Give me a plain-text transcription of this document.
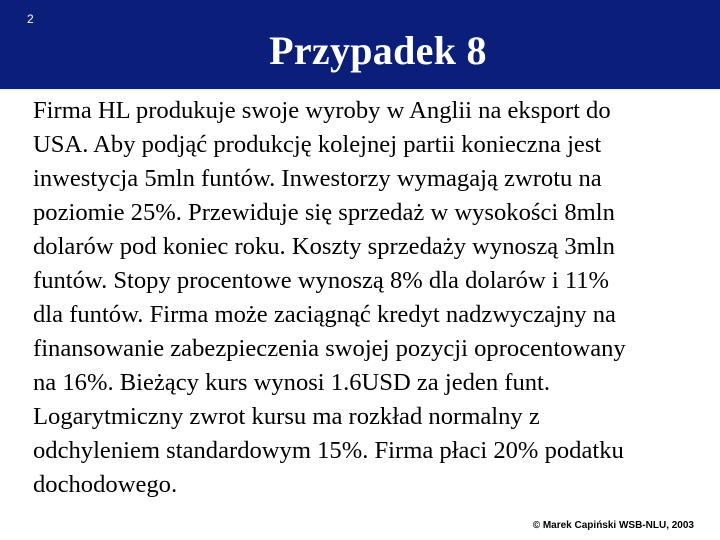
2
Przypadek 8
Firma HL produkuje swoje wyroby w Anglii na eksport do
USA. Aby podjąć produkcję kolejnej partii konieczna jest
inwestycja 5mln funtów. Inwestorzy wymagają zwrotu na
poziomie 25%. Przewiduje się sprzedaż w wysokości 8mln
dolarów pod koniec roku. Koszty sprzedaży wynoszą 3mln
funtów. Stopy procentowe wynoszą 8% dla dolarów i 11%
dla funtów. Firma może zaciągnąć kredyt nadzwyczajny na
finansowanie zabezpieczenia swojej pozycji oprocentowany
na 16%. Bieżący kurs wynosi 1.6USD za jeden funt.
Logarytmiczny zwrot kursu ma rozkład normalny z
odchyleniem standardowym 15%. Firma płaci 20% podatku
dochodowego.
© Marek Capiński WSB-NLU, 2003
